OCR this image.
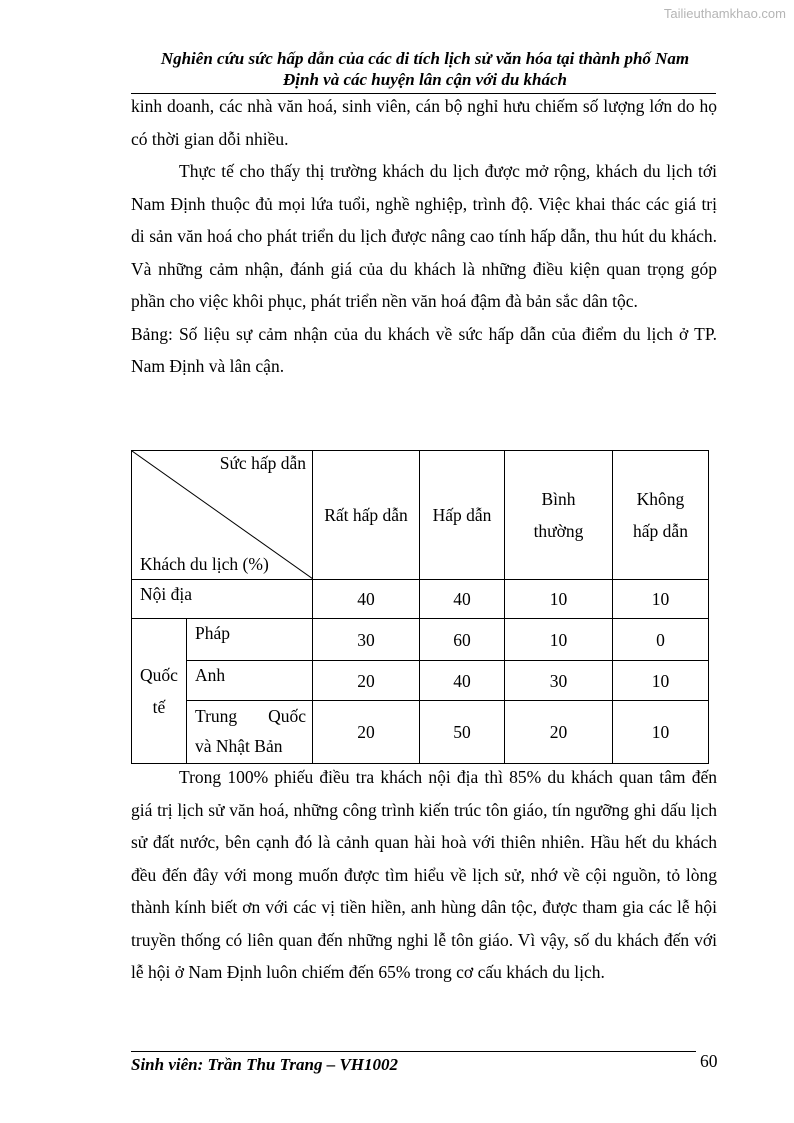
Tailieuthamkhao.com
Nghiên cứu sức hấp dẫn của các di tích lịch sử văn hóa tại thành phố Nam
Định và các huyện lân cận với du khách

kinh doanh, các nhà văn hoá, sinh viên, cán bộ nghỉ hưu chiếm số lượng lớn do họ có thời gian dỗi nhiều.

Thực tế cho thấy thị trường khách du lịch được mở rộng, khách du lịch tới Nam Định thuộc đủ mọi lứa tuổi, nghề nghiệp, trình độ. Việc khai thác các giá trị di sản văn hoá cho phát triển du lịch được nâng cao tính hấp dẫn, thu hút du khách. Và những cảm nhận, đánh giá của du khách là những điều kiện quan trọng góp phần cho việc khôi phục, phát triển nền văn hoá đậm đà bản sắc dân tộc.

Bảng: Số liệu sự cảm nhận của du khách về sức hấp dẫn của điểm du lịch ở TP. Nam Định và lân cận.

Sức hấp dẫn
Khách du lịch (%)		Rất hấp dẫn	Hấp dẫn	Bình thường	Không hấp dẫn

Nội địa		40	40	10	10

Quốc tế	Pháp	30	60	10	0
	Anh	20	40	30	10

	Trung Quốc
và Nhật Bản	20	50	20	10

Trong 100% phiếu điều tra khách nội địa thì 85% du khách quan tâm đến giá trị lịch sử văn hoá, những công trình kiến trúc tôn giáo, tín ngưỡng ghi dấu lịch sử đất nước, bên cạnh đó là cảnh quan hài hoà với thiên nhiên. Hầu hết du khách đều đến đây với mong muốn được tìm hiểu về lịch sử, nhớ về cội nguồn, tỏ lòng thành kính biết ơn với các vị tiền hiền, anh hùng dân tộc, được tham gia các lễ hội truyền thống có liên quan đến những nghi lễ tôn giáo. Vì vậy, số du khách đến với lễ hội ở Nam Định luôn chiếm đến 65% trong cơ cấu khách du lịch.

Sinh viên: Trần Thu Trang – VH1002	60
